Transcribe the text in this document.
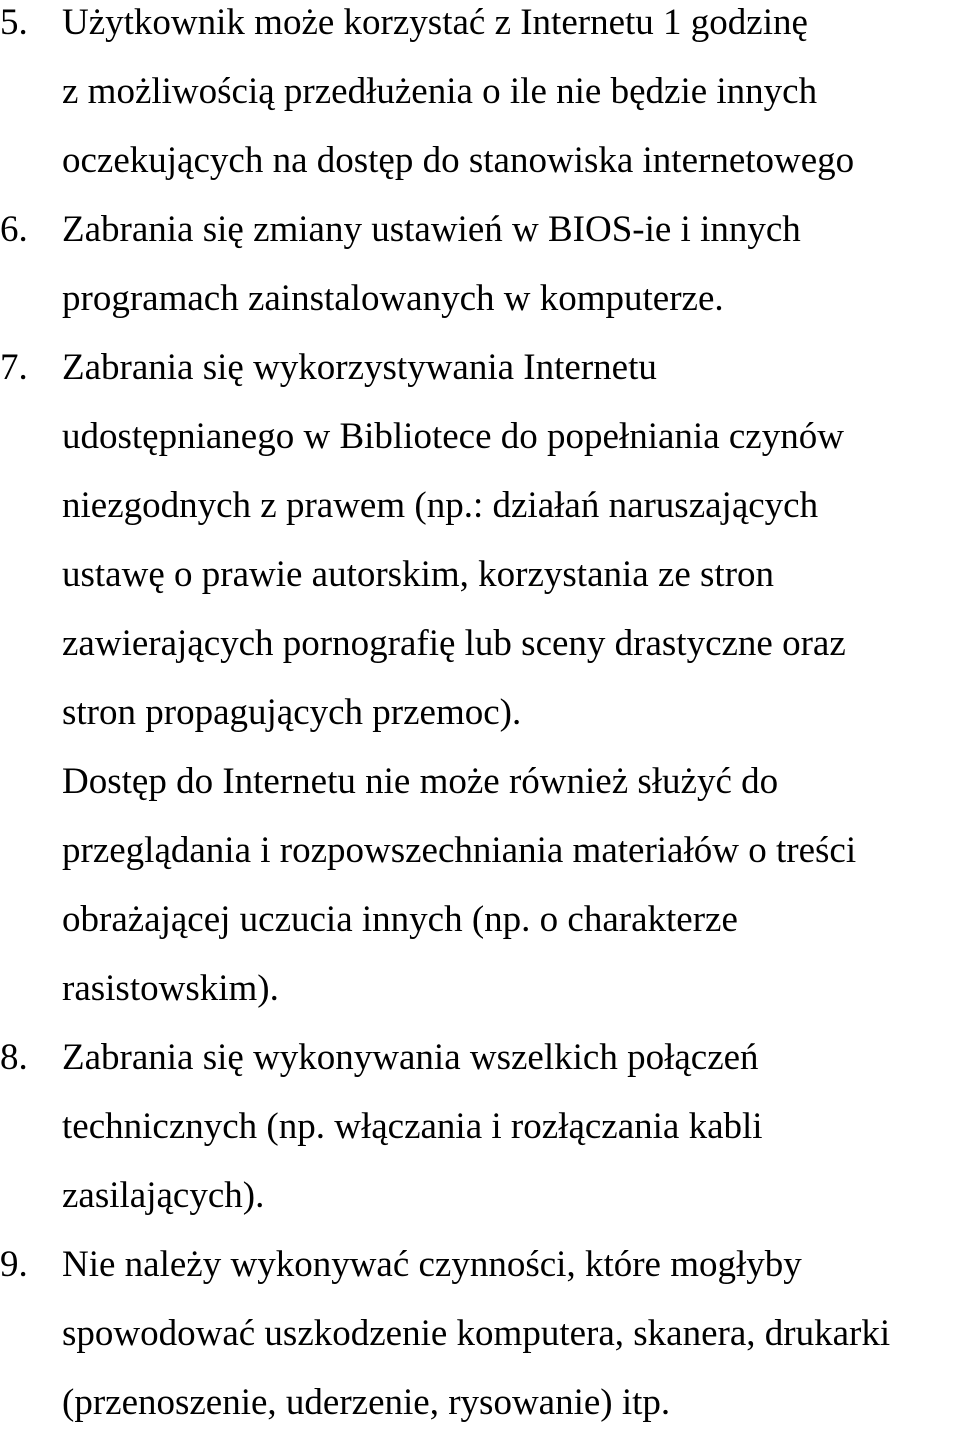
5. Użytkownik może korzystać z Internetu 1 godzinę
z możliwością przedłużenia o ile nie będzie innych
oczekujących na dostęp do stanowiska internetowego
6. Zabrania się zmiany ustawień w BIOS-ie i innych
programach zainstalowanych w komputerze.
7. Zabrania się wykorzystywania Internetu
udostępnianego w Bibliotece do popełniania czynów
niezgodnych z prawem (np.: działań naruszających
ustawę o prawie autorskim, korzystania ze stron
zawierających pornografię lub sceny drastyczne oraz
stron propagujących przemoc).
Dostęp do Internetu nie może również służyć do
przeglądania i rozpowszechniania materiałów o treści
obrażającej uczucia innych (np. o charakterze
rasistowskim).
8. Zabrania się wykonywania wszelkich połączeń
technicznych (np. włączania i rozłączania kabli
zasilających).
9. Nie należy wykonywać czynności, które mogłyby
spowodować uszkodzenie komputera, skanera, drukarki
(przenoszenie, uderzenie, rysowanie) itp.
